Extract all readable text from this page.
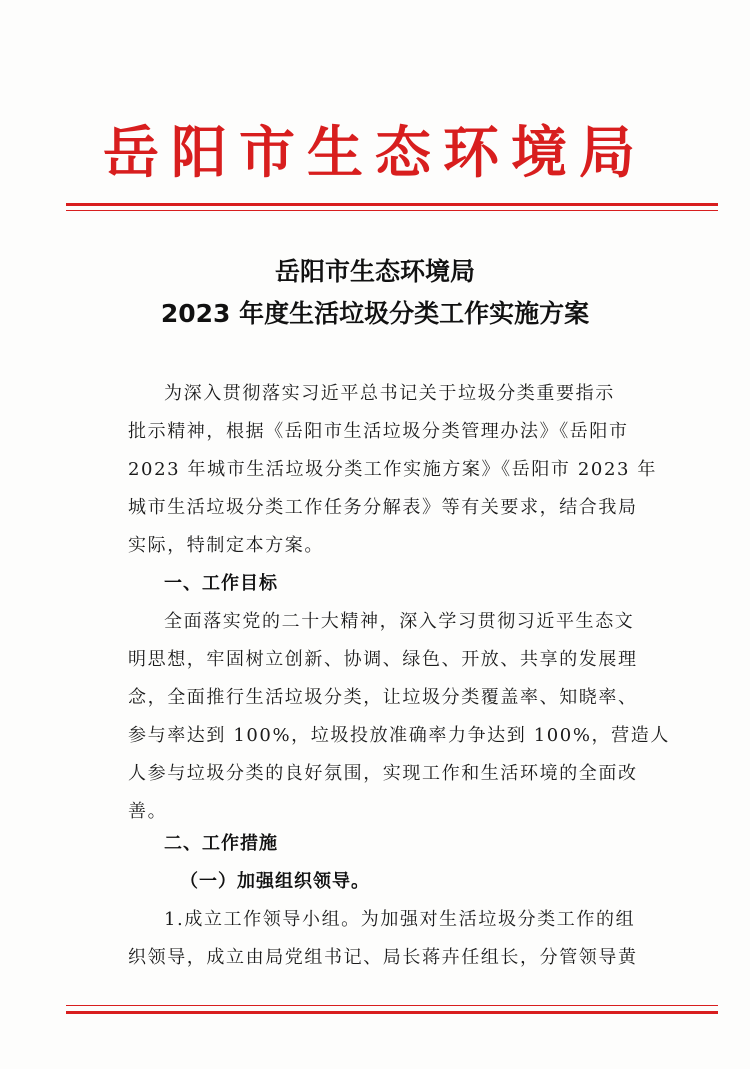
岳阳市生态环境局
岳阳市生态环境局
2023 年度生活垃圾分类工作实施方案
为深入贯彻落实习近平总书记关于垃圾分类重要指示
批示精神，根据《岳阳市生活垃圾分类管理办法》《岳阳市
2023 年城市生活垃圾分类工作实施方案》《岳阳市 2023 年
城市生活垃圾分类工作任务分解表》等有关要求，结合我局
实际，特制定本方案。
一、工作目标
全面落实党的二十大精神，深入学习贯彻习近平生态文
明思想，牢固树立创新、协调、绿色、开放、共享的发展理
念，全面推行生活垃圾分类，让垃圾分类覆盖率、知晓率、
参与率达到 100%，垃圾投放准确率力争达到 100%，营造人
人参与垃圾分类的良好氛围，实现工作和生活环境的全面改
善。
二、工作措施
（一）加强组织领导。
1.成立工作领导小组。为加强对生活垃圾分类工作的组
织领导，成立由局党组书记、局长蒋卉任组长，分管领导黄
